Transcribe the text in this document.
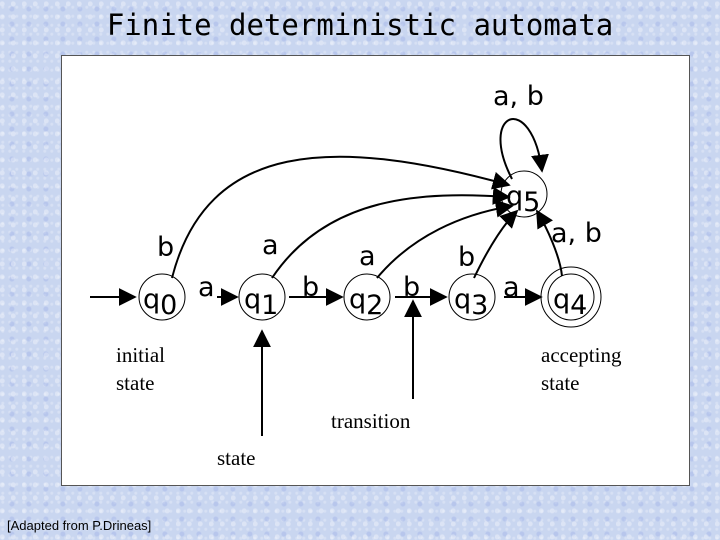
Finite deterministic automata
q0 q1	q2	q3 q4
q5
a	b	b	a
b	a	a	b
a, b
a, b
initial state
accepting state
transition
state
[Adapted from P.Drineas]
